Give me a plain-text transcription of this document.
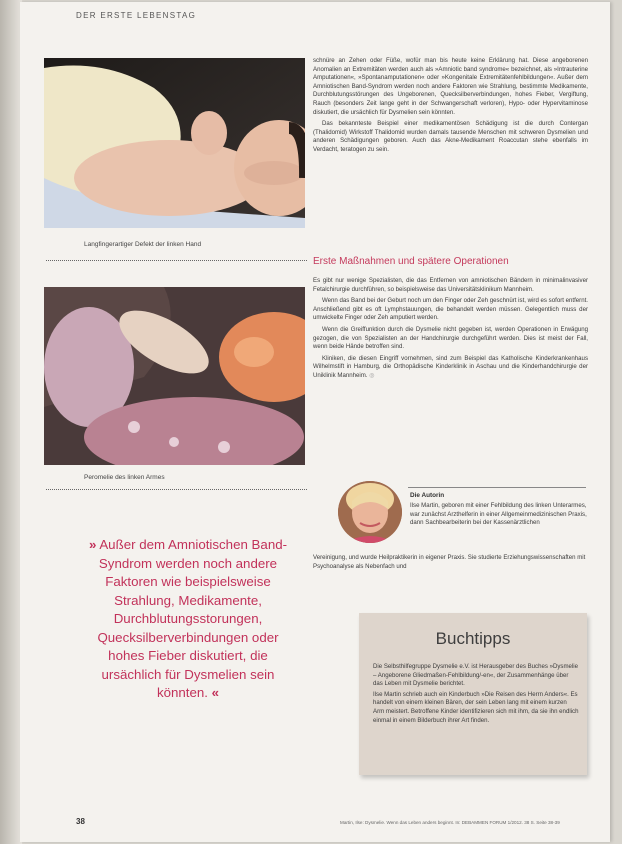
DER ERSTE LEBENSTAG
Langfingerartiger Defekt der linken Hand
Peromelie des linken Armes

schnüre an Zehen oder Füße, wofür man bis heute keine Erklärung hat. Diese angeborenen Anomalien an Extremitäten werden auch als »Amniotic band syndrome« bezeichnet, als »Intrauterine Amputationen«, »Spontanamputationen« oder »Kongenitale Extremitätenfehlbildungen«. Außer dem Amniotischen Band-Syndrom werden noch andere Faktoren wie Strahlung, bestimmte Medikamente, Durchblutungsstörungen des Ungeborenen, Quecksilberverbindungen, hohes Fieber, Vergiftung, Rauch (besonders Zeit lange geht in der Schwangerschaft verloren), Hypo- oder Hypervitaminose diskutiert, die ursächlich für Dysmelien sein könnten.

Das bekannteste Beispiel einer medikamentösen Schädigung ist die durch Contergan (Thalidomid) Wirkstoff Thalidomid wurden damals tausende Menschen mit schweren Dysmelien und anderen Schädigungen geboren. Auch das Akne-Medikament Roaccutan stehe ebenfalls im Verdacht, teratogen zu sein.

Erste Maßnahmen und spätere Operationen

Es gibt nur wenige Spezialisten, die das Entfernen von amniotischen Bändern in minimalinvasiver Fetalchirurgie durchführen, so beispielsweise das Universitätsklinikum Mannheim.

Wenn das Band bei der Geburt noch um den Finger oder Zeh geschnürt ist, wird es sofort entfernt. Anschließend gibt es oft Lymphstauungen, die behandelt werden müssen. Gelegentlich muss der umwickelte Finger oder Zeh amputiert werden.

Wenn die Greiffunktion durch die Dysmelie nicht gegeben ist, werden Operationen in Erwägung gezogen, die von Spezialisten an der Handchirurgie durchgeführt werden. Dies ist meist der Fall, wenn beide Hände betroffen sind.

Kliniken, die diesen Eingriff vornehmen, sind zum Beispiel das Katholische Kinderkrankenhaus Wilhelmstift in Hamburg, die Orthopädische Kinderklinik in Aschau und die Kinderhandchirurgie der Uniklinik Mannheim. ◎

» Außer dem Amniotischen Band-Syndrom werden noch andere Faktoren wie beispielsweise Strahlung, Medikamente, Durchblutungsstorungen, Quecksilberverbindungen oder hohes Fieber diskutiert, die ursächlich für Dysmelien sein könnten. «
Die Autorin
Ilse Martin, geboren mit einer Fehlbildung des linken Unterarmes, war zunächst Arzthelferin in einer Allgemeinmedizinischen Praxis, dann Sachbearbeiterin bei der Kassenärztlichen
Vereinigung, und wurde Heilpraktikerin in eigener Praxis. Sie studierte Erziehungswissenschaften mit Psychoanalyse als Nebenfach und
Buchtipps

Die Selbsthilfegruppe Dysmelie e.V. ist Herausgeber des Buches »Dysmelie – Angeborene Gliedmaßen-Fehlbildung/-en«, der Zusammenhänge über das Leben mit Dysmelie berichtet.

Ilse Martin schrieb auch ein Kinderbuch »Die Reisen des Herrn Anders«. Es handelt von einem kleinen Bären, der sein Leben lang mit einem kurzen Arm meistert. Betroffene Kinder identifizieren sich mit ihm, da sie ihn endlich einmal in einem Bilderbuch ihrer Art finden.

38	Martin, Ilse: Dysmelie. Wenn das Leben anders beginnt. In: DEBAMMEN FORUM 1/2012. 38 S. Seite 38-39
